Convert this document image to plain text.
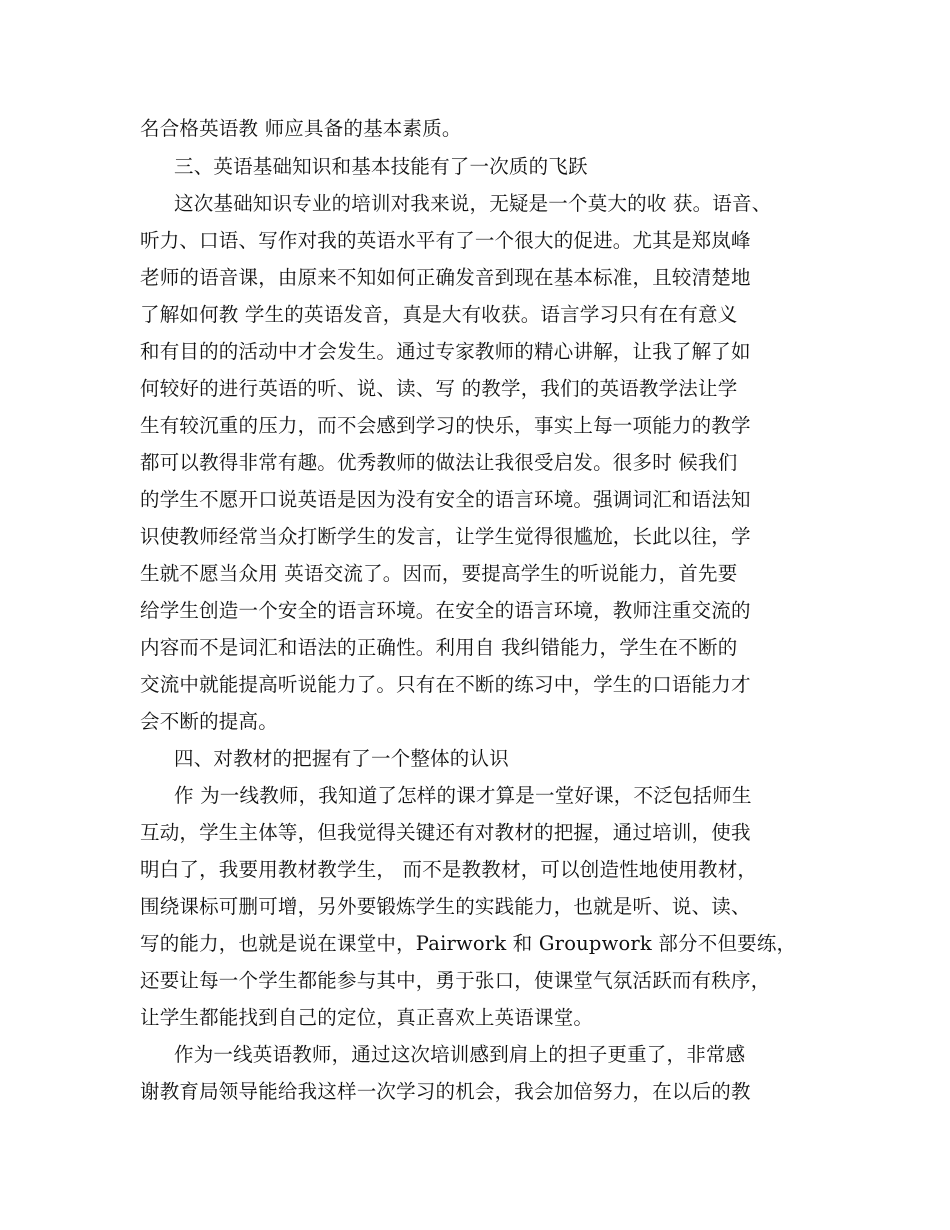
名合格英语教 师应具备的基本素质。
三、英语基础知识和基本技能有了一次质的飞跃
这次基础知识专业的培训对我来说，无疑是一个莫大的收 获。语音、
听力、口语、写作对我的英语水平有了一个很大的促进。尤其是郑岚峰
老师的语音课，由原来不知如何正确发音到现在基本标准，且较清楚地
了解如何教 学生的英语发音，真是大有收获。语言学习只有在有意义
和有目的的活动中才会发生。通过专家教师的精心讲解，让我了解了如
何较好的进行英语的听、说、读、写 的教学，我们的英语教学法让学
生有较沉重的压力，而不会感到学习的快乐，事实上每一项能力的教学
都可以教得非常有趣。优秀教师的做法让我很受启发。很多时 候我们
的学生不愿开口说英语是因为没有安全的语言环境。强调词汇和语法知
识使教师经常当众打断学生的发言，让学生觉得很尴尬，长此以往，学
生就不愿当众用 英语交流了。因而，要提高学生的听说能力，首先要
给学生创造一个安全的语言环境。在安全的语言环境，教师注重交流的
内容而不是词汇和语法的正确性。利用自 我纠错能力，学生在不断的
交流中就能提高听说能力了。只有在不断的练习中，学生的口语能力才
会不断的提高。
四、对教材的把握有了一个整体的认识
作 为一线教师，我知道了怎样的课才算是一堂好课，不泛包括师生
互动，学生主体等，但我觉得关键还有对教材的把握，通过培训，使我
明白了，我要用教材教学生， 而不是教教材，可以创造性地使用教材，
围绕课标可删可增，另外要锻炼学生的实践能力，也就是听、说、读、
写的能力，也就是说在课堂中，Pairwork 和 Groupwork 部分不但要练，
还要让每一个学生都能参与其中，勇于张口，使课堂气氛活跃而有秩序，
让学生都能找到自己的定位，真正喜欢上英语课堂。
作为一线英语教师，通过这次培训感到肩上的担子更重了，非常感
谢教育局领导能给我这样一次学习的机会，我会加倍努力，在以后的教
